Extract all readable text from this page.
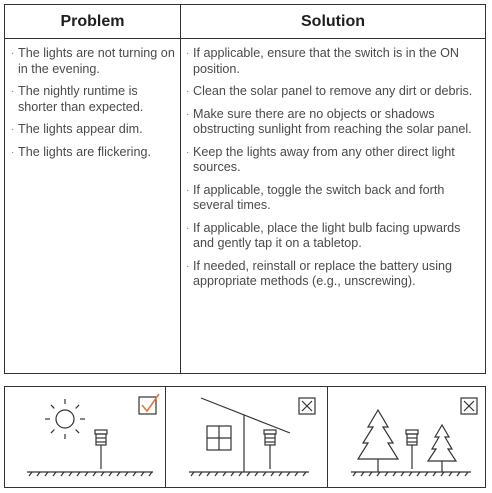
Problem	Solution
· The lights are not turning on in the evening.
· The nightly runtime is shorter than expected.
· The lights appear dim.
· The lights are flickering.
· If applicable, ensure that the switch is in the ON position.
· Clean the solar panel to remove any dirt or debris.
· Make sure there are no objects or shadows obstructing sunlight from reaching the solar panel.
· Keep the lights away from any other direct light sources.
· If applicable, toggle the switch back and forth several times.
· If applicable, place the light bulb facing upwards and gently tap it on a tabletop.
· If needed, reinstall or replace the battery using appropriate methods (e.g., unscrewing).
